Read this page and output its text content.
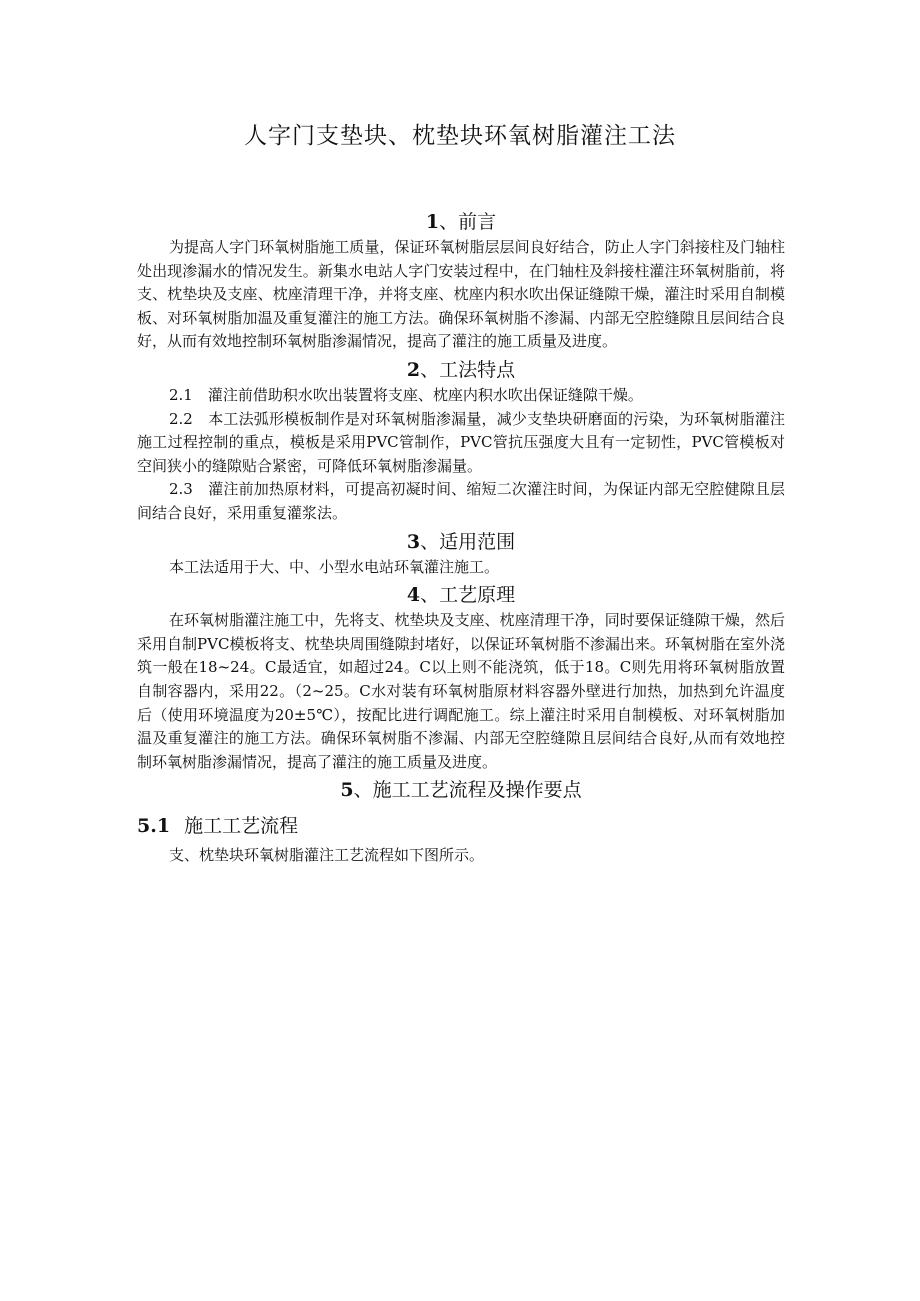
人字门支垫块、枕垫块环氧树脂灌注工法
1、前言

为提高人字门环氧树脂施工质量，保证环氧树脂层层间良好结合，防止人字门斜接柱及门轴柱处出现渗漏水的情况发生。新集水电站人字门安装过程中，在门轴柱及斜接柱灌注环氧树脂前，将支、枕垫块及支座、枕座清理干净，并将支座、枕座内积水吹出保证缝隙干燥，灌注时采用自制模板、对环氧树脂加温及重复灌注的施工方法。确保环氧树脂不渗漏、内部无空腔缝隙且层间结合良好，从而有效地控制环氧树脂渗漏情况，提高了灌注的施工质量及进度。

2、工法特点

2.1　灌注前借助积水吹出装置将支座、枕座内积水吹出保证缝隙干燥。

2.2　本工法弧形模板制作是对环氧树脂渗漏量，减少支垫块研磨面的污染，为环氧树脂灌注施工过程控制的重点，模板是采用PVC管制作，PVC管抗压强度大且有一定韧性，PVC管模板对空间狭小的缝隙贴合紧密，可降低环氧树脂渗漏量。

2.3　灌注前加热原材料，可提高初凝时间、缩短二次灌注时间，为保证内部无空腔健隙且层间结合良好，采用重复灌浆法。

3、适用范围

本工法适用于大、中、小型水电站环氧灌注施工。

4、工艺原理

在环氧树脂灌注施工中，先将支、枕垫块及支座、枕座清理干净，同时要保证缝隙干燥，然后采用自制PVC模板将支、枕垫块周围缝隙封堵好，以保证环氧树脂不渗漏出来。环氧树脂在室外浇筑一般在18~24。C最适宜，如超过24。C以上则不能浇筑，低于18。C则先用将环氧树脂放置自制容器内，采用22。（2~25。C水对装有环氧树脂原材料容器外壁进行加热，加热到允许温度后（使用环境温度为20±5℃），按配比进行调配施工。综上灌注时采用自制模板、对环氧树脂加温及重复灌注的施工方法。确保环氧树脂不渗漏、内部无空腔缝隙且层间结合良好,从而有效地控制环氧树脂渗漏情况，提高了灌注的施工质量及进度。

5、施工工艺流程及操作要点
5.1 施工工艺流程

支、枕垫块环氧树脂灌注工艺流程如下图所示。
